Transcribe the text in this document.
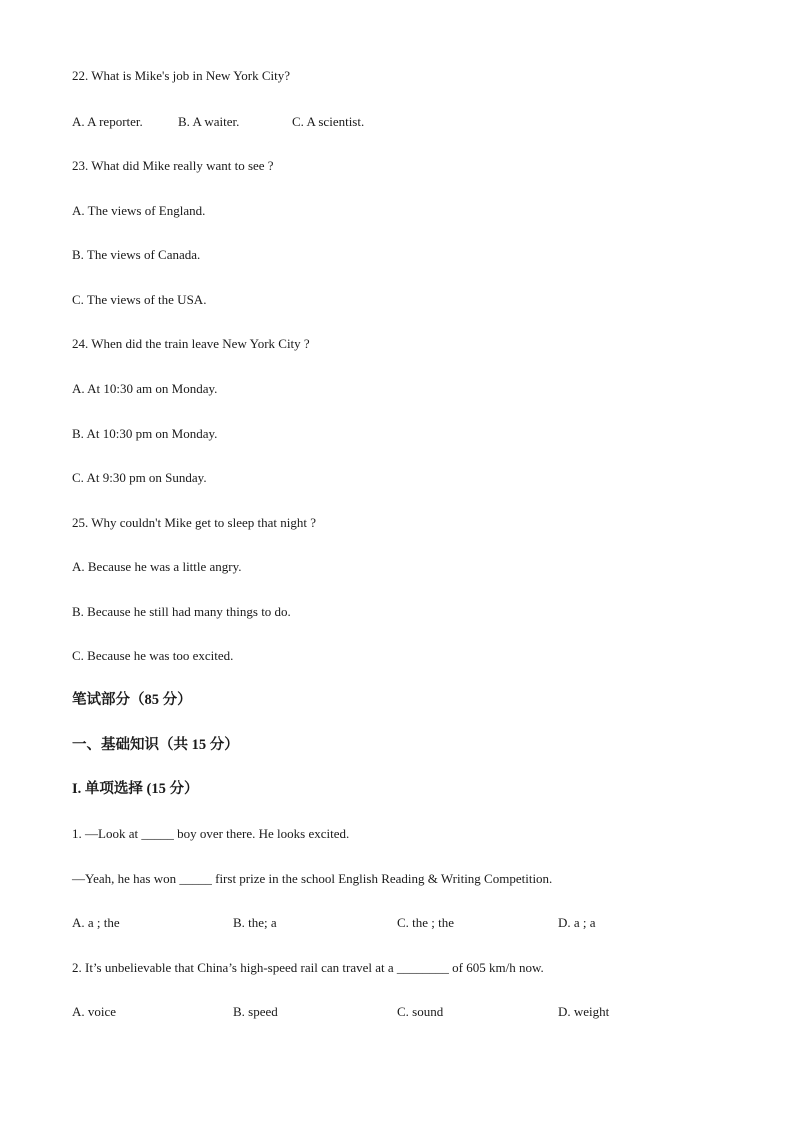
22. What is Mike's job in New York City?
A. A reporter.	B. A waiter.	C. A scientist.
23. What did Mike really want to see ?
A. The views of England.
B. The views of Canada.
C. The views of the USA.
24. When did the train leave New York City ?
A. At 10:30 am on Monday.
B. At 10:30 pm on Monday.
C. At 9:30 pm on Sunday.
25. Why couldn't Mike get to sleep that night ?
A. Because he was a little angry.
B. Because he still had many things to do.
C. Because he was too excited.
笔试部分（85 分）
一、基础知识（共 15 分）
I. 单项选择 (15 分）
1. —Look at _____ boy over there. He looks excited.
—Yeah, he has won _____ first prize in the school English Reading & Writing Competition.
A. a ; the	B. the; a	C. the ; the	D. a ; a
2. It’s unbelievable that China’s high-speed rail can travel at a ________ of 605 km/h now.
A. voice	B. speed	C. sound	D. weight
